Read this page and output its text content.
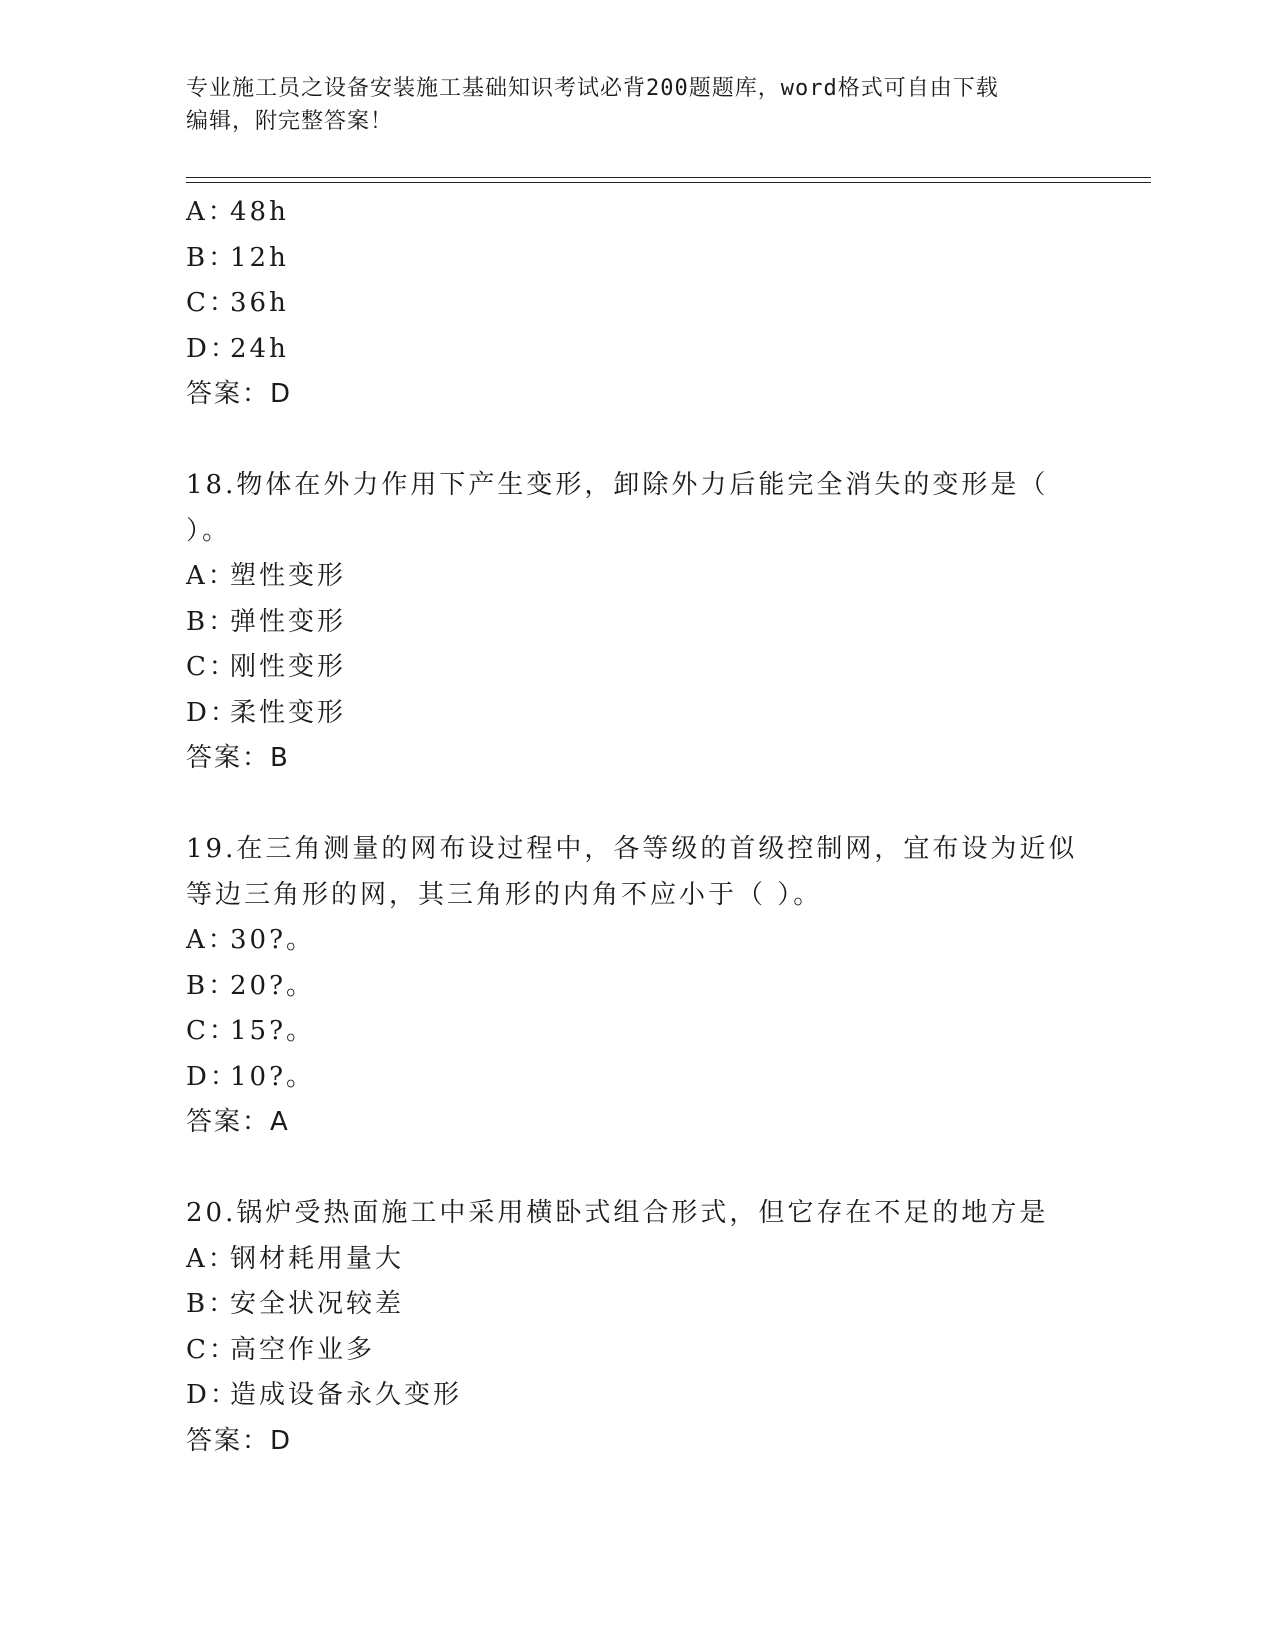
专业施工员之设备安装施工基础知识考试必背200题题库，word格式可自由下载
编辑，附完整答案！
A：48h
B：12h
C：36h
D：24h
答案：D
18.物体在外力作用下产生变形，卸除外力后能完全消失的变形是（
）。
A：塑性变形
B：弹性变形
C：刚性变形
D：柔性变形
答案：B
19.在三角测量的网布设过程中，各等级的首级控制网，宜布设为近似
等边三角形的网，其三角形的内角不应小于（ ）。
A：30?。
B：20?。
C：15?。
D：10?。
答案：A
20.锅炉受热面施工中采用横卧式组合形式，但它存在不足的地方是
A：钢材耗用量大
B：安全状况较差
C：高空作业多
D：造成设备永久变形
答案：D
